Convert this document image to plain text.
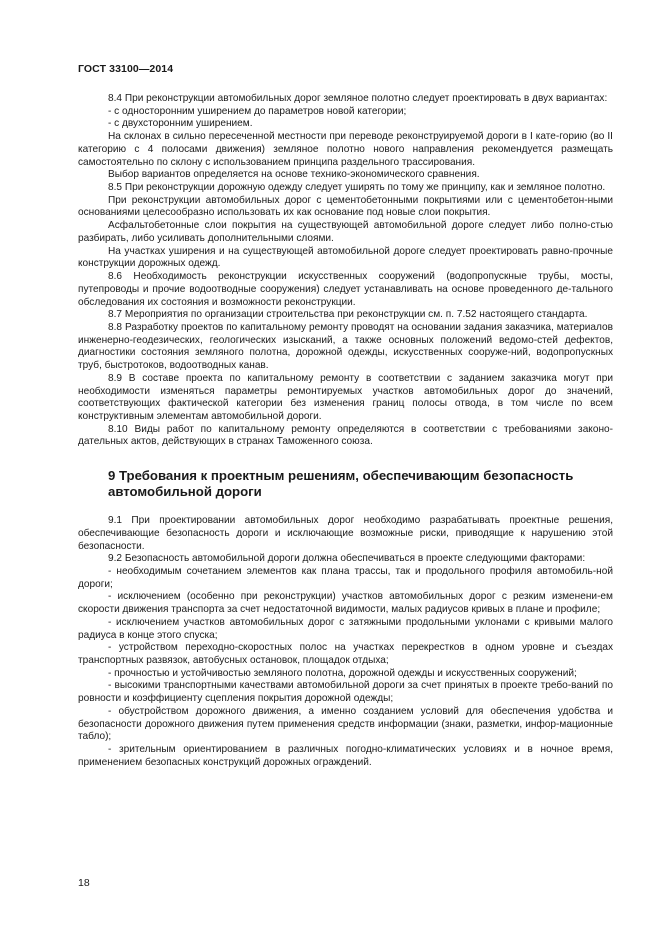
ГОСТ 33100—2014

8.4 При реконструкции автомобильных дорог земляное полотно следует проектировать в двух вариантах:

- с односторонним уширением до параметров новой категории;

- с двухсторонним уширением.

На склонах в сильно пересеченной местности при переводе реконструируемой дороги в I кате-горию (во II категорию с 4 полосами движения) земляное полотно нового направления рекомендуется размещать самостоятельно по склону с использованием принципа раздельного трассирования.

Выбор вариантов определяется на основе технико-экономического сравнения.

8.5 При реконструкции дорожную одежду следует уширять по тому же принципу, как и земляное полотно.

При реконструкции автомобильных дорог с цементобетонными покрытиями или с цементобетон-ными основаниями целесообразно использовать их как основание под новые слои покрытия.

Асфальтобетонные слои покрытия на существующей автомобильной дороге следует либо полно-стью разбирать, либо усиливать дополнительными слоями.

На участках уширения и на существующей автомобильной дороге следует проектировать равно-прочные конструкции дорожных одежд.

8.6 Необходимость реконструкции искусственных сооружений (водопропускные трубы, мосты, путепроводы и прочие водоотводные сооружения) следует устанавливать на основе проведенного де-тального обследования их состояния и возможности реконструкции.

8.7 Мероприятия по организации строительства при реконструкции см. п. 7.52 настоящего стандарта.

8.8 Разработку проектов по капитальному ремонту проводят на основании задания заказчика, материалов инженерно-геодезических, геологических изысканий, а также основных положений ведомо-стей дефектов, диагностики состояния земляного полотна, дорожной одежды, искусственных сооруже-ний, водопропускных труб, быстротоков, водоотводных канав.

8.9 В составе проекта по капитальному ремонту в соответствии с заданием заказчика могут при необходимости изменяться параметры ремонтируемых участков автомобильных дорог до значений, соответствующих фактической категории без изменения границ полосы отвода, в том числе по всем конструктивным элементам автомобильной дороги.

8.10 Виды работ по капитальному ремонту определяются в соответствии с требованиями законо-дательных актов, действующих в странах Таможенного союза.

9 Требования к проектным решениям, обеспечивающим безопасность автомобильной дороги

9.1 При проектировании автомобильных дорог необходимо разрабатывать проектные решения, обеспечивающие безопасность дороги и исключающие возможные риски, приводящие к нарушению этой безопасности.

9.2 Безопасность автомобильной дороги должна обеспечиваться в проекте следующими факторами:

- необходимым сочетанием элементов как плана трассы, так и продольного профиля автомобиль-ной дороги;

- исключением (особенно при реконструкции) участков автомобильных дорог с резким изменени-ем скорости движения транспорта за счет недостаточной видимости, малых радиусов кривых в плане и профиле;

- исключением участков автомобильных дорог с затяжными продольными уклонами с кривыми малого радиуса в конце этого спуска;

- устройством переходно-скоростных полос на участках перекрестков в одном уровне и съездах транспортных развязок, автобусных остановок, площадок отдыха;

- прочностью и устойчивостью земляного полотна, дорожной одежды и искусственных сооружений;

- высокими транспортными качествами автомобильной дороги за счет принятых в проекте требо-ваний по ровности и коэффициенту сцепления покрытия дорожной одежды;

- обустройством дорожного движения, а именно созданием условий для обеспечения удобства и безопасности дорожного движения путем применения средств информации (знаки, разметки, инфор-мационные табло);

- зрительным ориентированием в различных погодно-климатических условиях и в ночное время, применением безопасных конструкций дорожных ограждений.

18
